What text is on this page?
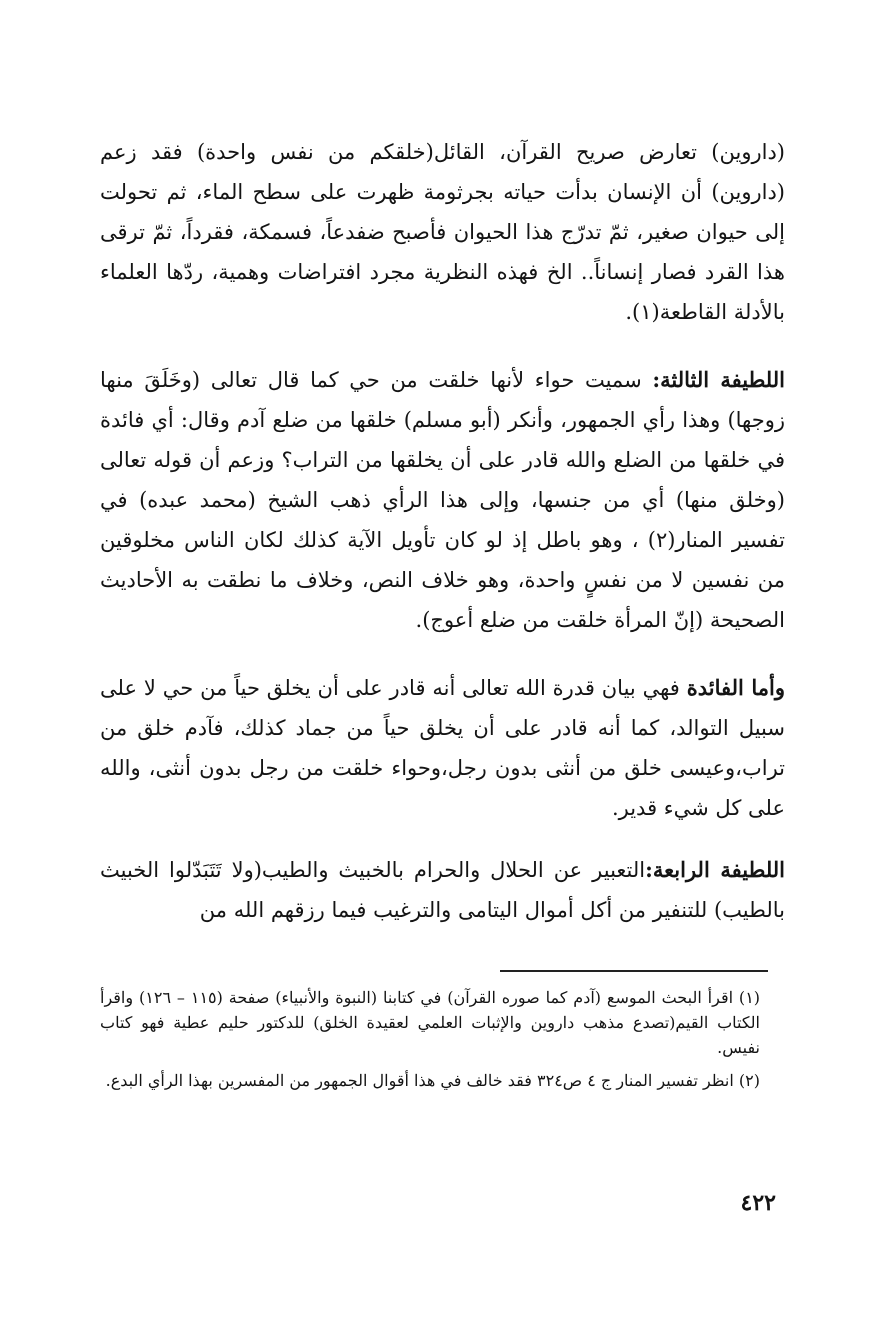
(داروين) تعارض صريح القرآن، القائل(خلقكم من نفس واحدة) فقد زعم (داروين) أن الإنسان بدأت حياته بجرثومة ظهرت على سطح الماء، ثم تحولت إلى حيوان صغير، ثمّ تدرّج هذا الحيوان فأصبح ضفدعاً، فسمكة، فقرداً، ثمّ ترقى هذا القرد فصار إنساناً.. الخ فهذه النظرية مجرد افتراضات وهمية، ردّها العلماء بالأدلة القاطعة(١).

اللطيفة الثالثة: سميت حواء لأنها خلقت من حي كما قال تعالى (وخَلَقَ منها زوجها) وهذا رأي الجمهور، وأنكر (أبو مسلم) خلقها من ضلع آدم وقال: أي فائدة في خلقها من الضلع والله قادر على أن يخلقها من التراب؟ وزعم أن قوله تعالى (وخلق منها) أي من جنسها، وإلى هذا الرأي ذهب الشيخ (محمد عبده) في تفسير المنار(٢) ، وهو باطل إذ لو كان تأويل الآية كذلك لكان الناس مخلوقين من نفسين لا من نفسٍ واحدة، وهو خلاف النص، وخلاف ما نطقت به الأحاديث الصحيحة (إنّ المرأة خلقت من ضلع أعوج).

وأما الفائدة فهي بيان قدرة الله تعالى أنه قادر على أن يخلق حياً من حي لا على سبيل التوالد، كما أنه قادر على أن يخلق حياً من جماد كذلك، فآدم خلق من تراب،وعيسى خلق من أنثى بدون رجل،وحواء خلقت من رجل بدون أنثى، والله على كل شيء قدير.

اللطيفة الرابعة:التعبير عن الحلال والحرام بالخبيث والطيب(ولا تَتَبَدّلوا الخبيث بالطيب) للتنفير من أكل أموال اليتامى والترغيب فيما رزقهم الله من

(١) اقرأ البحث الموسع (آدم كما صوره القرآن) في كتابنا (النبوة والأنبياء) صفحة (١١٥ – ١٢٦) واقرأ الكتاب القيم(تصدع مذهب داروين والإثبات العلمي لعقيدة الخلق) للدكتور حليم عطية فهو كتاب نفيس.

(٢) انظر تفسير المنار ج ٤ ص٣٢٤ فقد خالف في هذا أقوال الجمهور من المفسرين بهذا الرأي البدع.

٤٢٢
